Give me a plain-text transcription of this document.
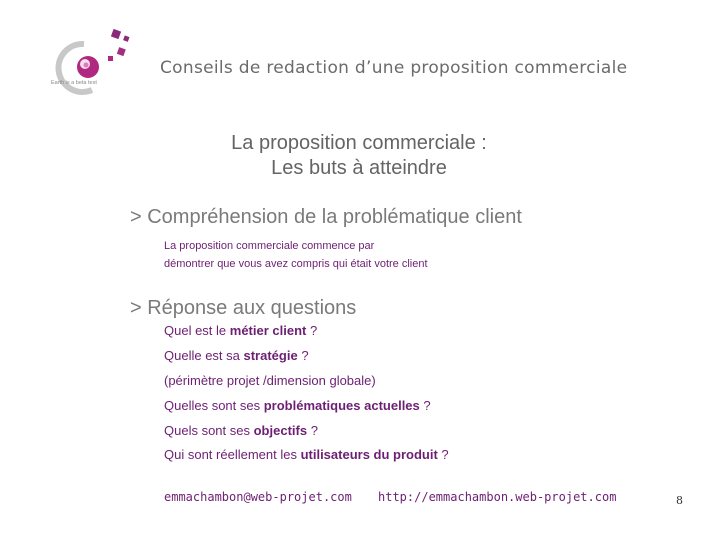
Earth is a beta test
Conseils de redaction d’une proposition commerciale
La proposition commerciale :
Les buts à atteindre
> Compréhension de la problématique client
La proposition commerciale commence par
démontrer que vous avez compris qui était votre client
> Réponse aux questions
Quel est le métier client ?
Quelle est sa stratégie ?
(périmètre projet /dimension globale)
Quelles sont ses problématiques actuelles ?
Quels sont ses objectifs ?
Qui sont réellement les utilisateurs du produit ?
emmachambon@web-projet.com http://emmachambon.web-projet.com	8
